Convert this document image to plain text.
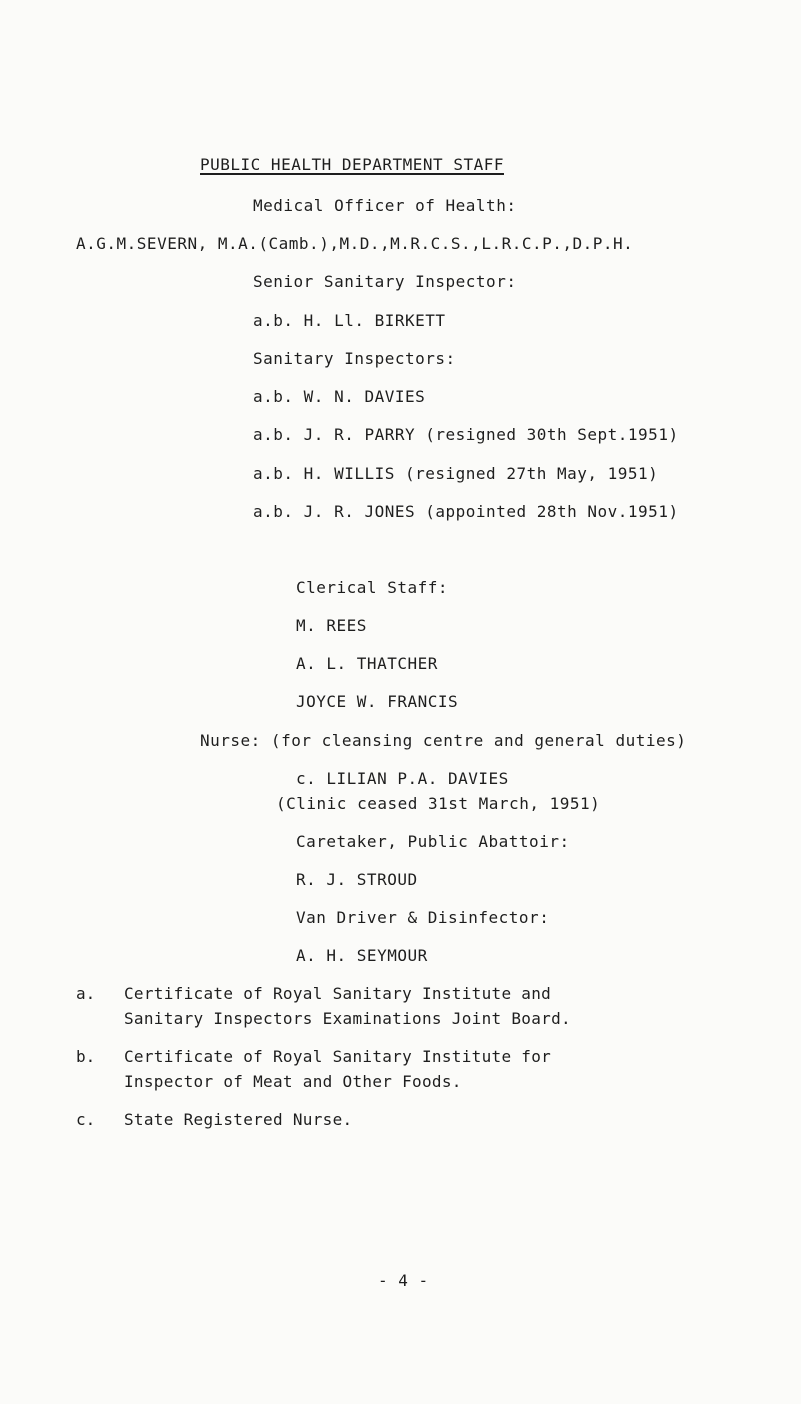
PUBLIC HEALTH DEPARTMENT STAFF
Medical Officer of Health:
A.G.M.SEVERN, M.A.(Camb.),M.D.,M.R.C.S.,L.R.C.P.,D.P.H.
Senior Sanitary Inspector:
a.b. H. Ll. BIRKETT
Sanitary Inspectors:
a.b. W. N. DAVIES
a.b. J. R. PARRY (resigned 30th Sept.1951)
a.b. H. WILLIS (resigned 27th May, 1951)
a.b. J. R. JONES (appointed 28th Nov.1951)
Clerical Staff:
M. REES
A. L. THATCHER
JOYCE W. FRANCIS
Nurse: (for cleansing centre and general duties)
c. LILIAN P.A. DAVIES
(Clinic ceased 31st March, 1951)
Caretaker, Public Abattoir:
R. J. STROUD
Van Driver & Disinfector:
A. H. SEYMOUR
a. Certificate of Royal Sanitary Institute and
Sanitary Inspectors Examinations Joint Board.
b. Certificate of Royal Sanitary Institute for
Inspector of Meat and Other Foods.
c. State Registered Nurse.
- 4 -
